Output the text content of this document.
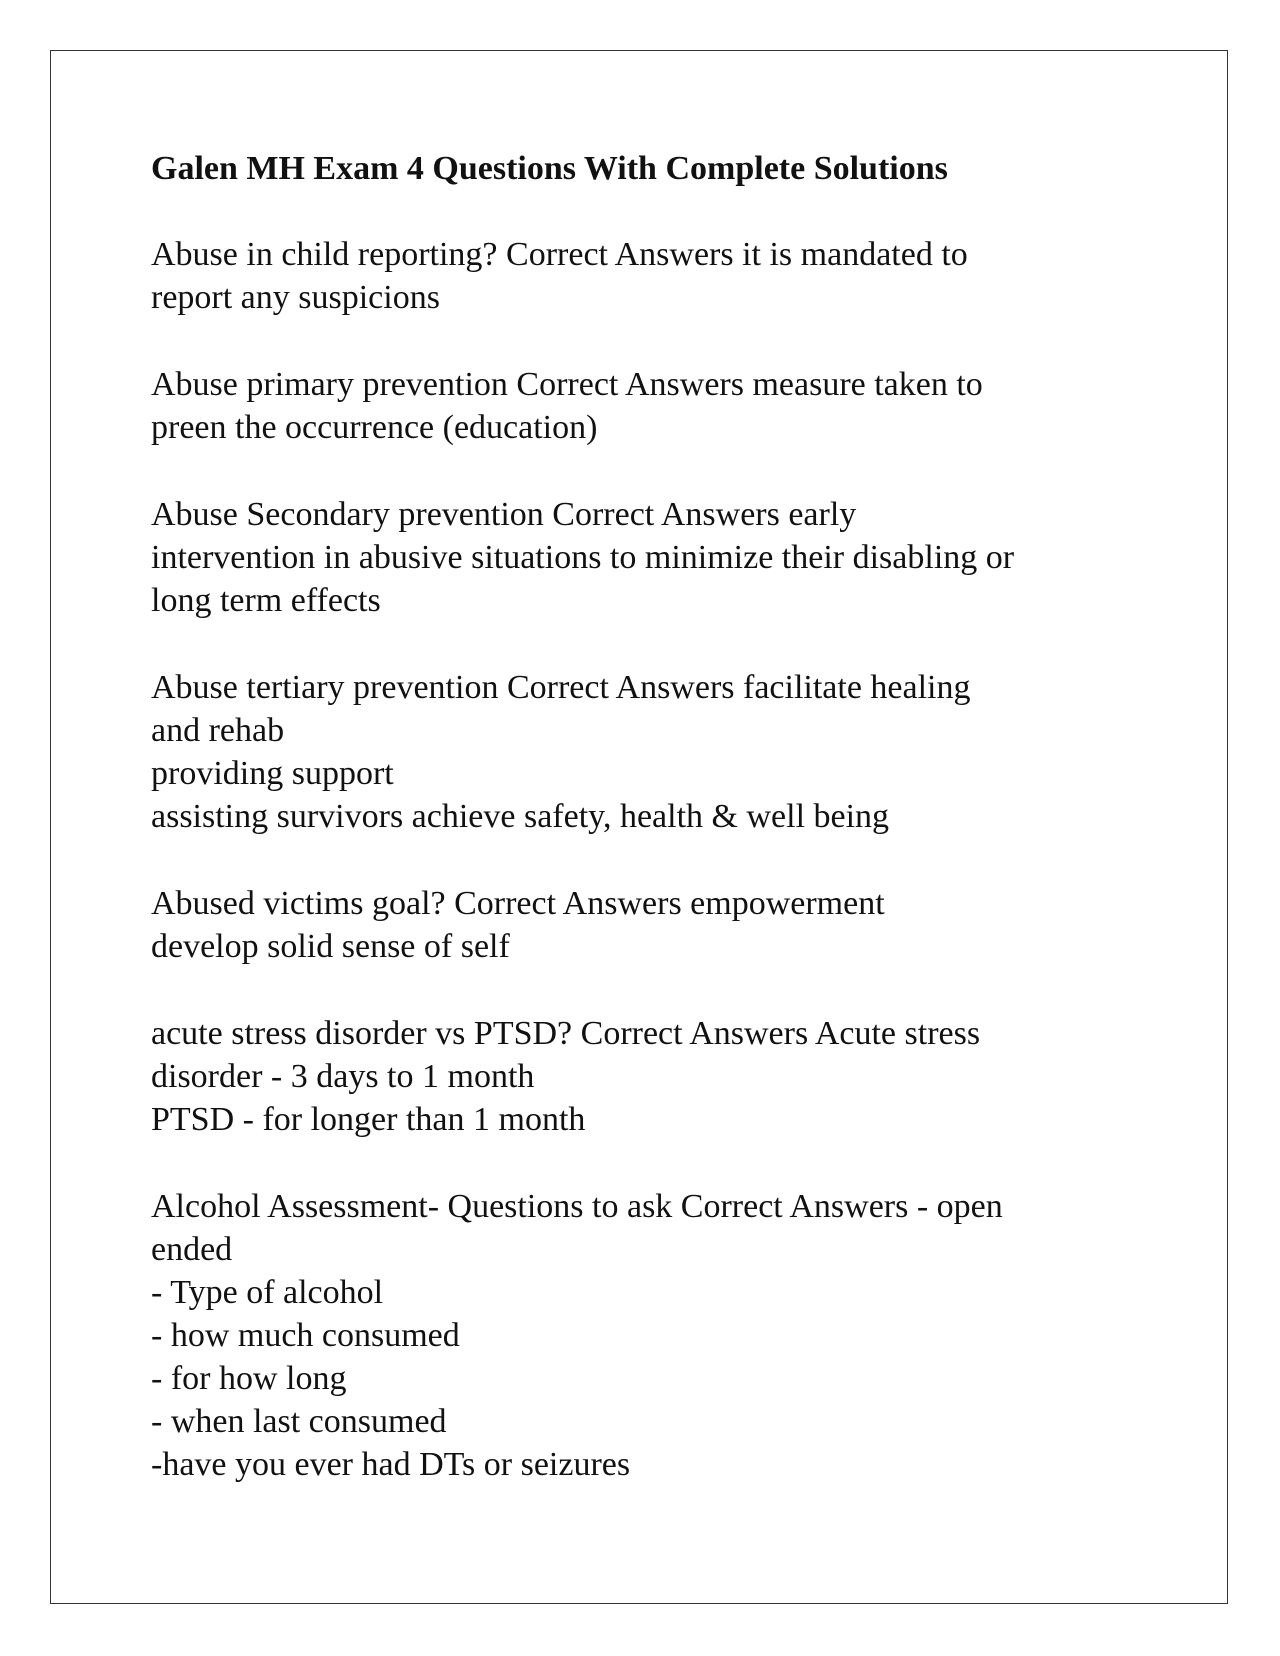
Galen MH Exam 4 Questions With Complete Solutions
Abuse in child reporting? Correct Answers it is mandated to
report any suspicions
Abuse primary prevention Correct Answers measure taken to
preen the occurrence (education)
Abuse Secondary prevention Correct Answers early
intervention in abusive situations to minimize their disabling or
long term effects
Abuse tertiary prevention Correct Answers facilitate healing
and rehab
providing support
assisting survivors achieve safety, health & well being
Abused victims goal? Correct Answers empowerment
develop solid sense of self
acute stress disorder vs PTSD? Correct Answers Acute stress
disorder - 3 days to 1 month
PTSD - for longer than 1 month
Alcohol Assessment- Questions to ask Correct Answers - open
ended
- Type of alcohol
- how much consumed
- for how long
- when last consumed
-have you ever had DTs or seizures
